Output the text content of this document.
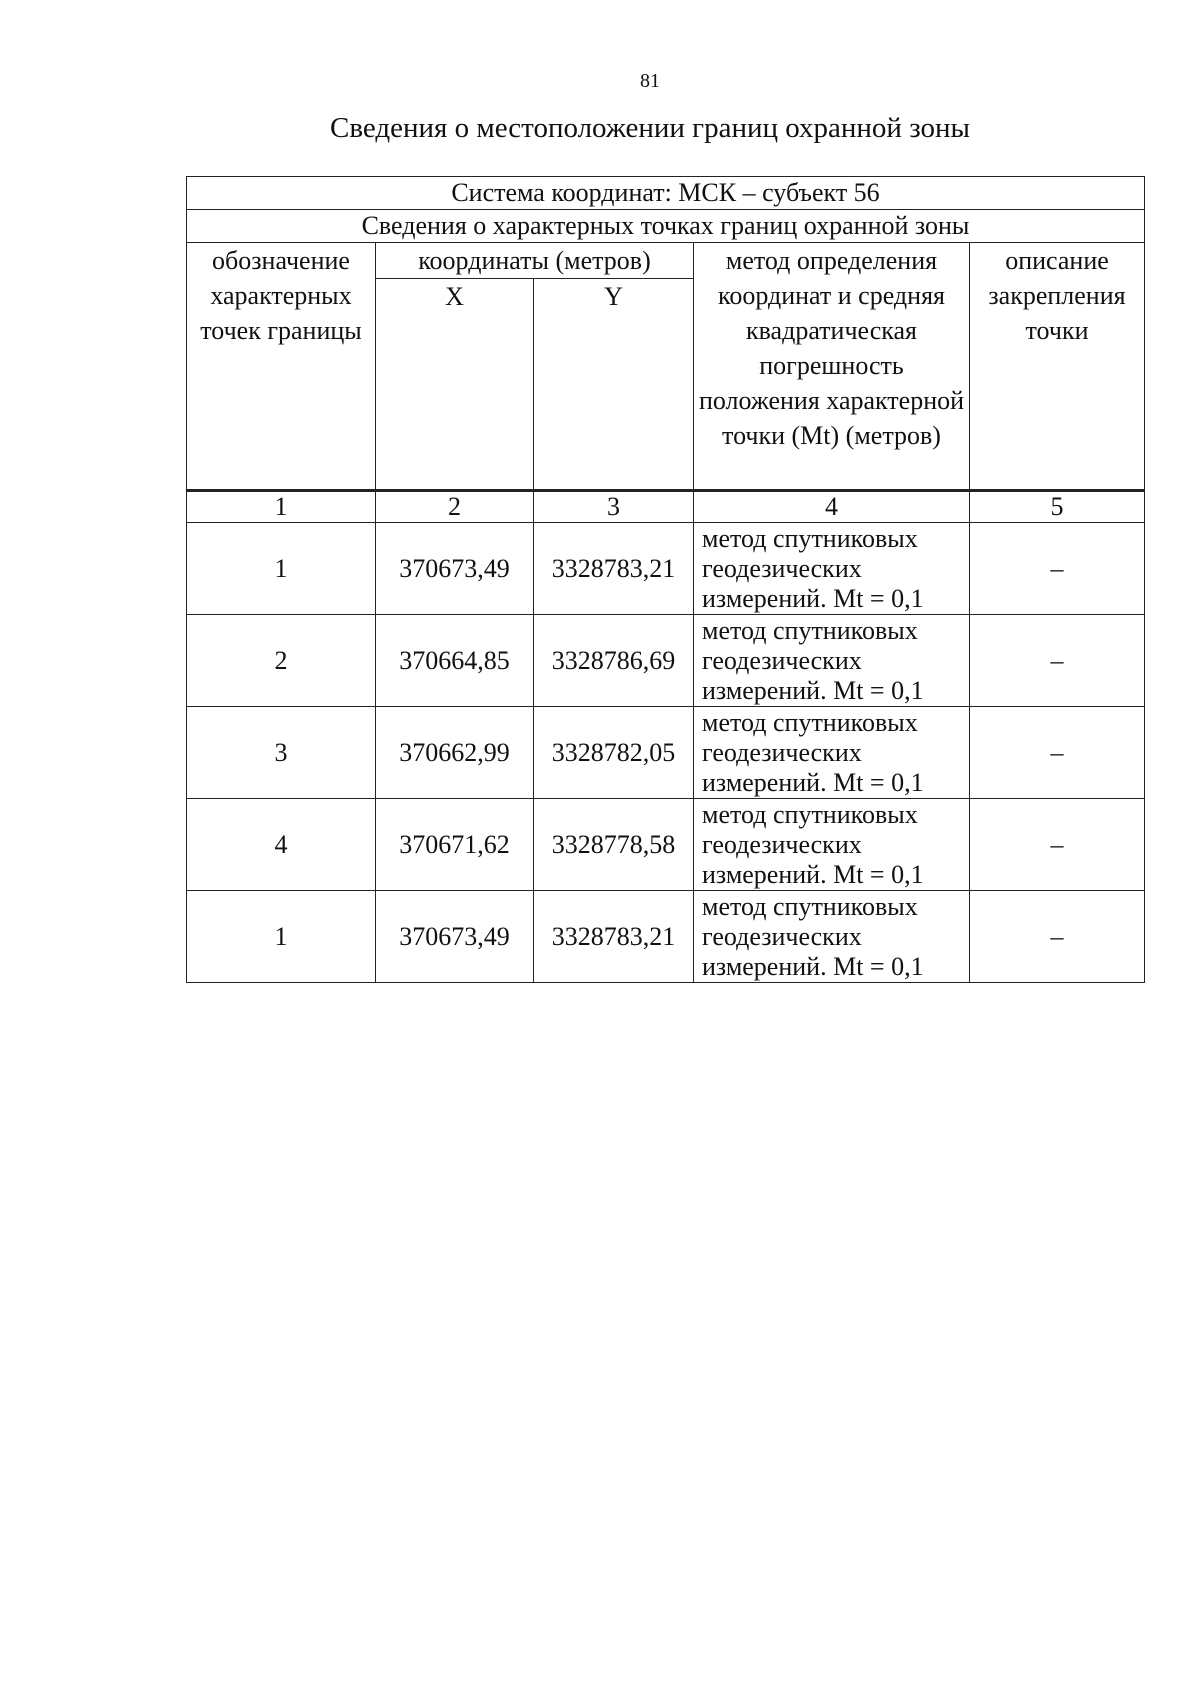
81
Сведения о местоположении границ охранной зоны
Система координат: МСК – субъект 56				
Сведения о характерных точках границ охранной зоны				
обозначение характерных точек границы	координаты (метров)		метод определения координат и средняя квадратическая погрешность положения характерной точки (Mt) (метров)	описание закрепления точки
	X	Y		
1	2	3	4	5
1	370673,49	3328783,21	метод спутниковых геодезических измерений. Mt = 0,1	–
2	370664,85	3328786,69	метод спутниковых геодезических измерений. Mt = 0,1	–
3	370662,99	3328782,05	метод спутниковых геодезических измерений. Mt = 0,1	–
4	370671,62	3328778,58	метод спутниковых геодезических измерений. Mt = 0,1	–
1	370673,49	3328783,21	метод спутниковых геодезических измерений. Mt = 0,1	–
